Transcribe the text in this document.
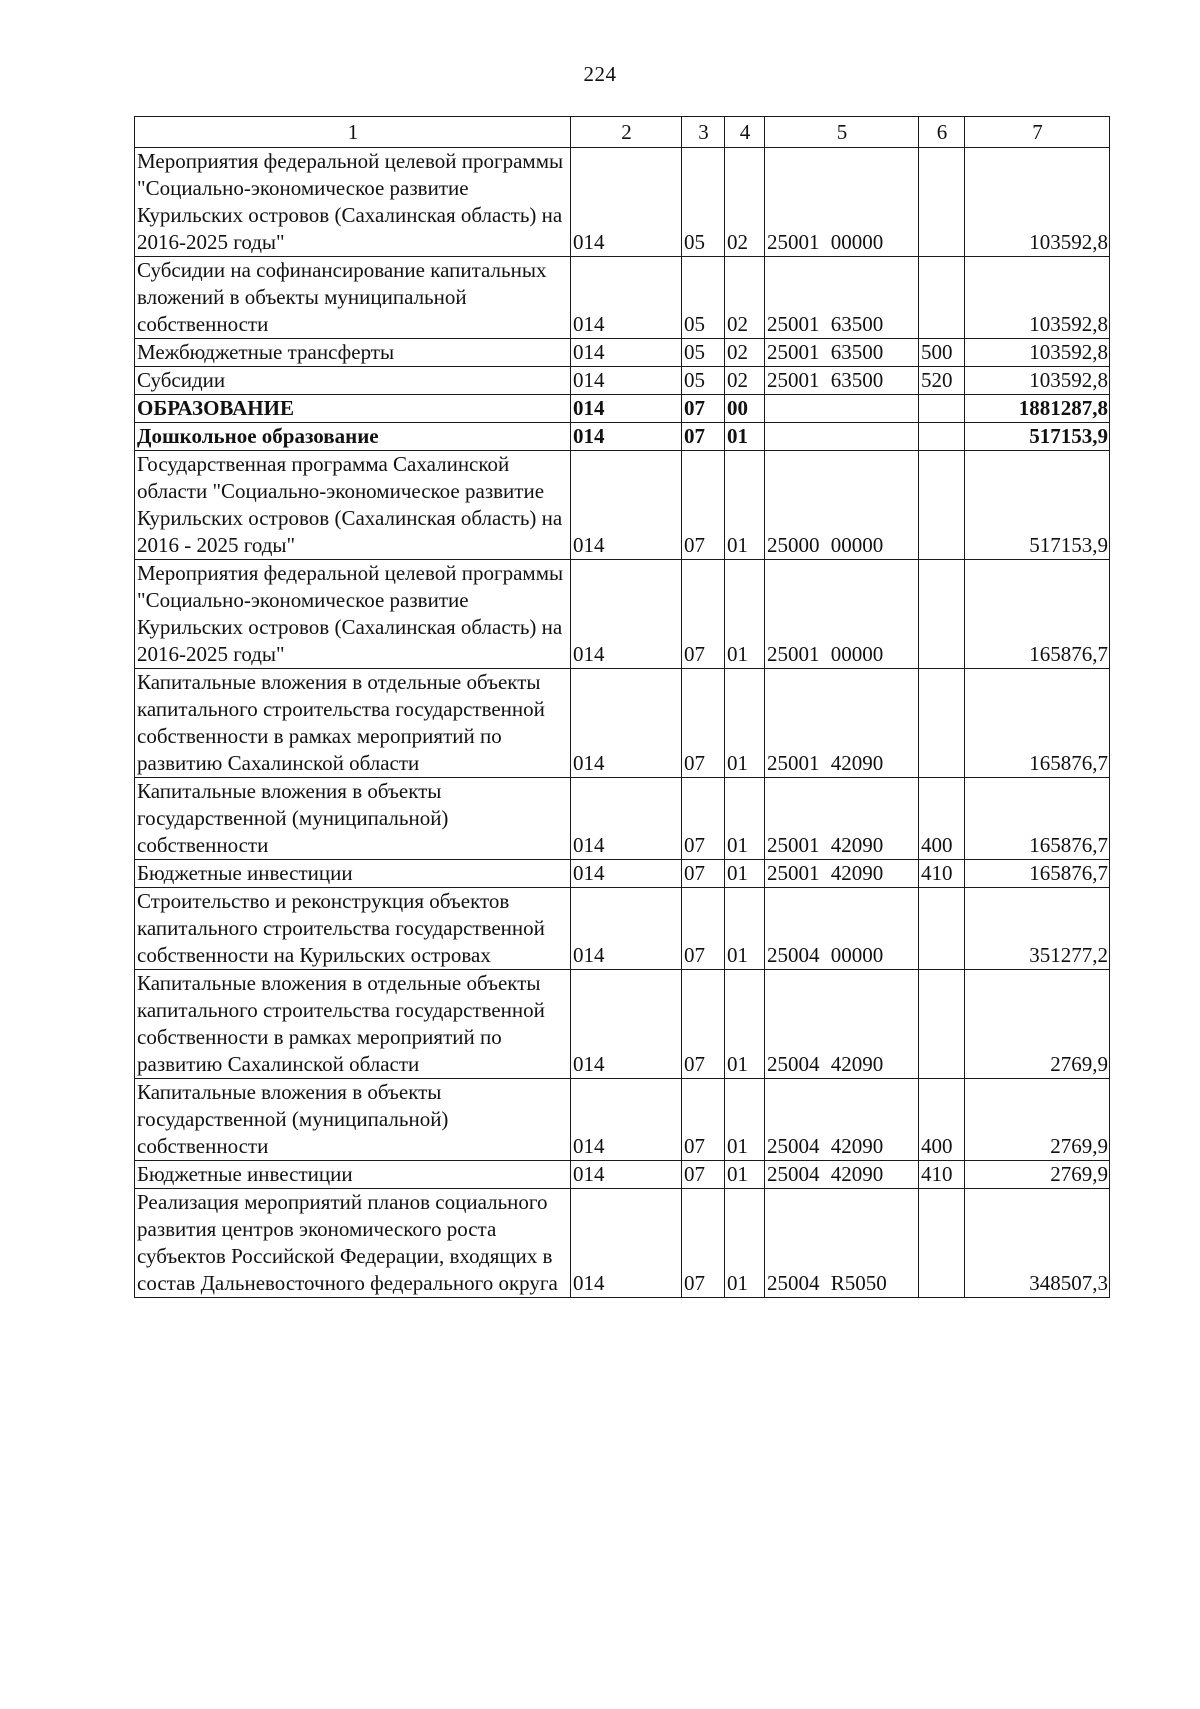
224
1	2	3	4	5	6	7
Мероприятия федеральной целевой программы "Социально-экономическое развитие Курильских островов (Сахалинская область) на 2016-2025 годы"	014	05	02	25001 00000		103592,8
Субсидии на софинансирование капитальных вложений в объекты муниципальной собственности	014	05	02	25001 63500		103592,8
Межбюджетные трансферты	014	05	02	25001 63500	500	103592,8
Субсидии	014	05	02	25001 63500	520	103592,8
ОБРАЗОВАНИЕ	014	07	00			1881287,8
Дошкольное образование	014	07	01			517153,9
Государственная программа Сахалинской области "Социально-экономическое развитие Курильских островов (Сахалинская область) на 2016 - 2025 годы"	014	07	01	25000 00000		517153,9
Мероприятия федеральной целевой программы "Социально-экономическое развитие Курильских островов (Сахалинская область) на 2016-2025 годы"	014	07	01	25001 00000		165876,7
Капитальные вложения в отдельные объекты капитального строительства государственной собственности в рамках мероприятий по развитию Сахалинской области	014	07	01	25001 42090		165876,7
Капитальные вложения в объекты государственной (муниципальной) собственности	014	07	01	25001 42090	400	165876,7
Бюджетные инвестиции	014	07	01	25001 42090	410	165876,7
Строительство и реконструкция объектов капитального строительства государственной собственности на Курильских островах	014	07	01	25004 00000		351277,2
Капитальные вложения в отдельные объекты капитального строительства государственной собственности в рамках мероприятий по развитию Сахалинской области	014	07	01	25004 42090		2769,9
Капитальные вложения в объекты государственной (муниципальной) собственности	014	07	01	25004 42090	400	2769,9
Бюджетные инвестиции	014	07	01	25004 42090	410	2769,9
Реализация мероприятий планов социального развития центров экономического роста субъектов Российской Федерации, входящих в состав Дальневосточного федерального округа	014	07	01	25004 R5050		348507,3
